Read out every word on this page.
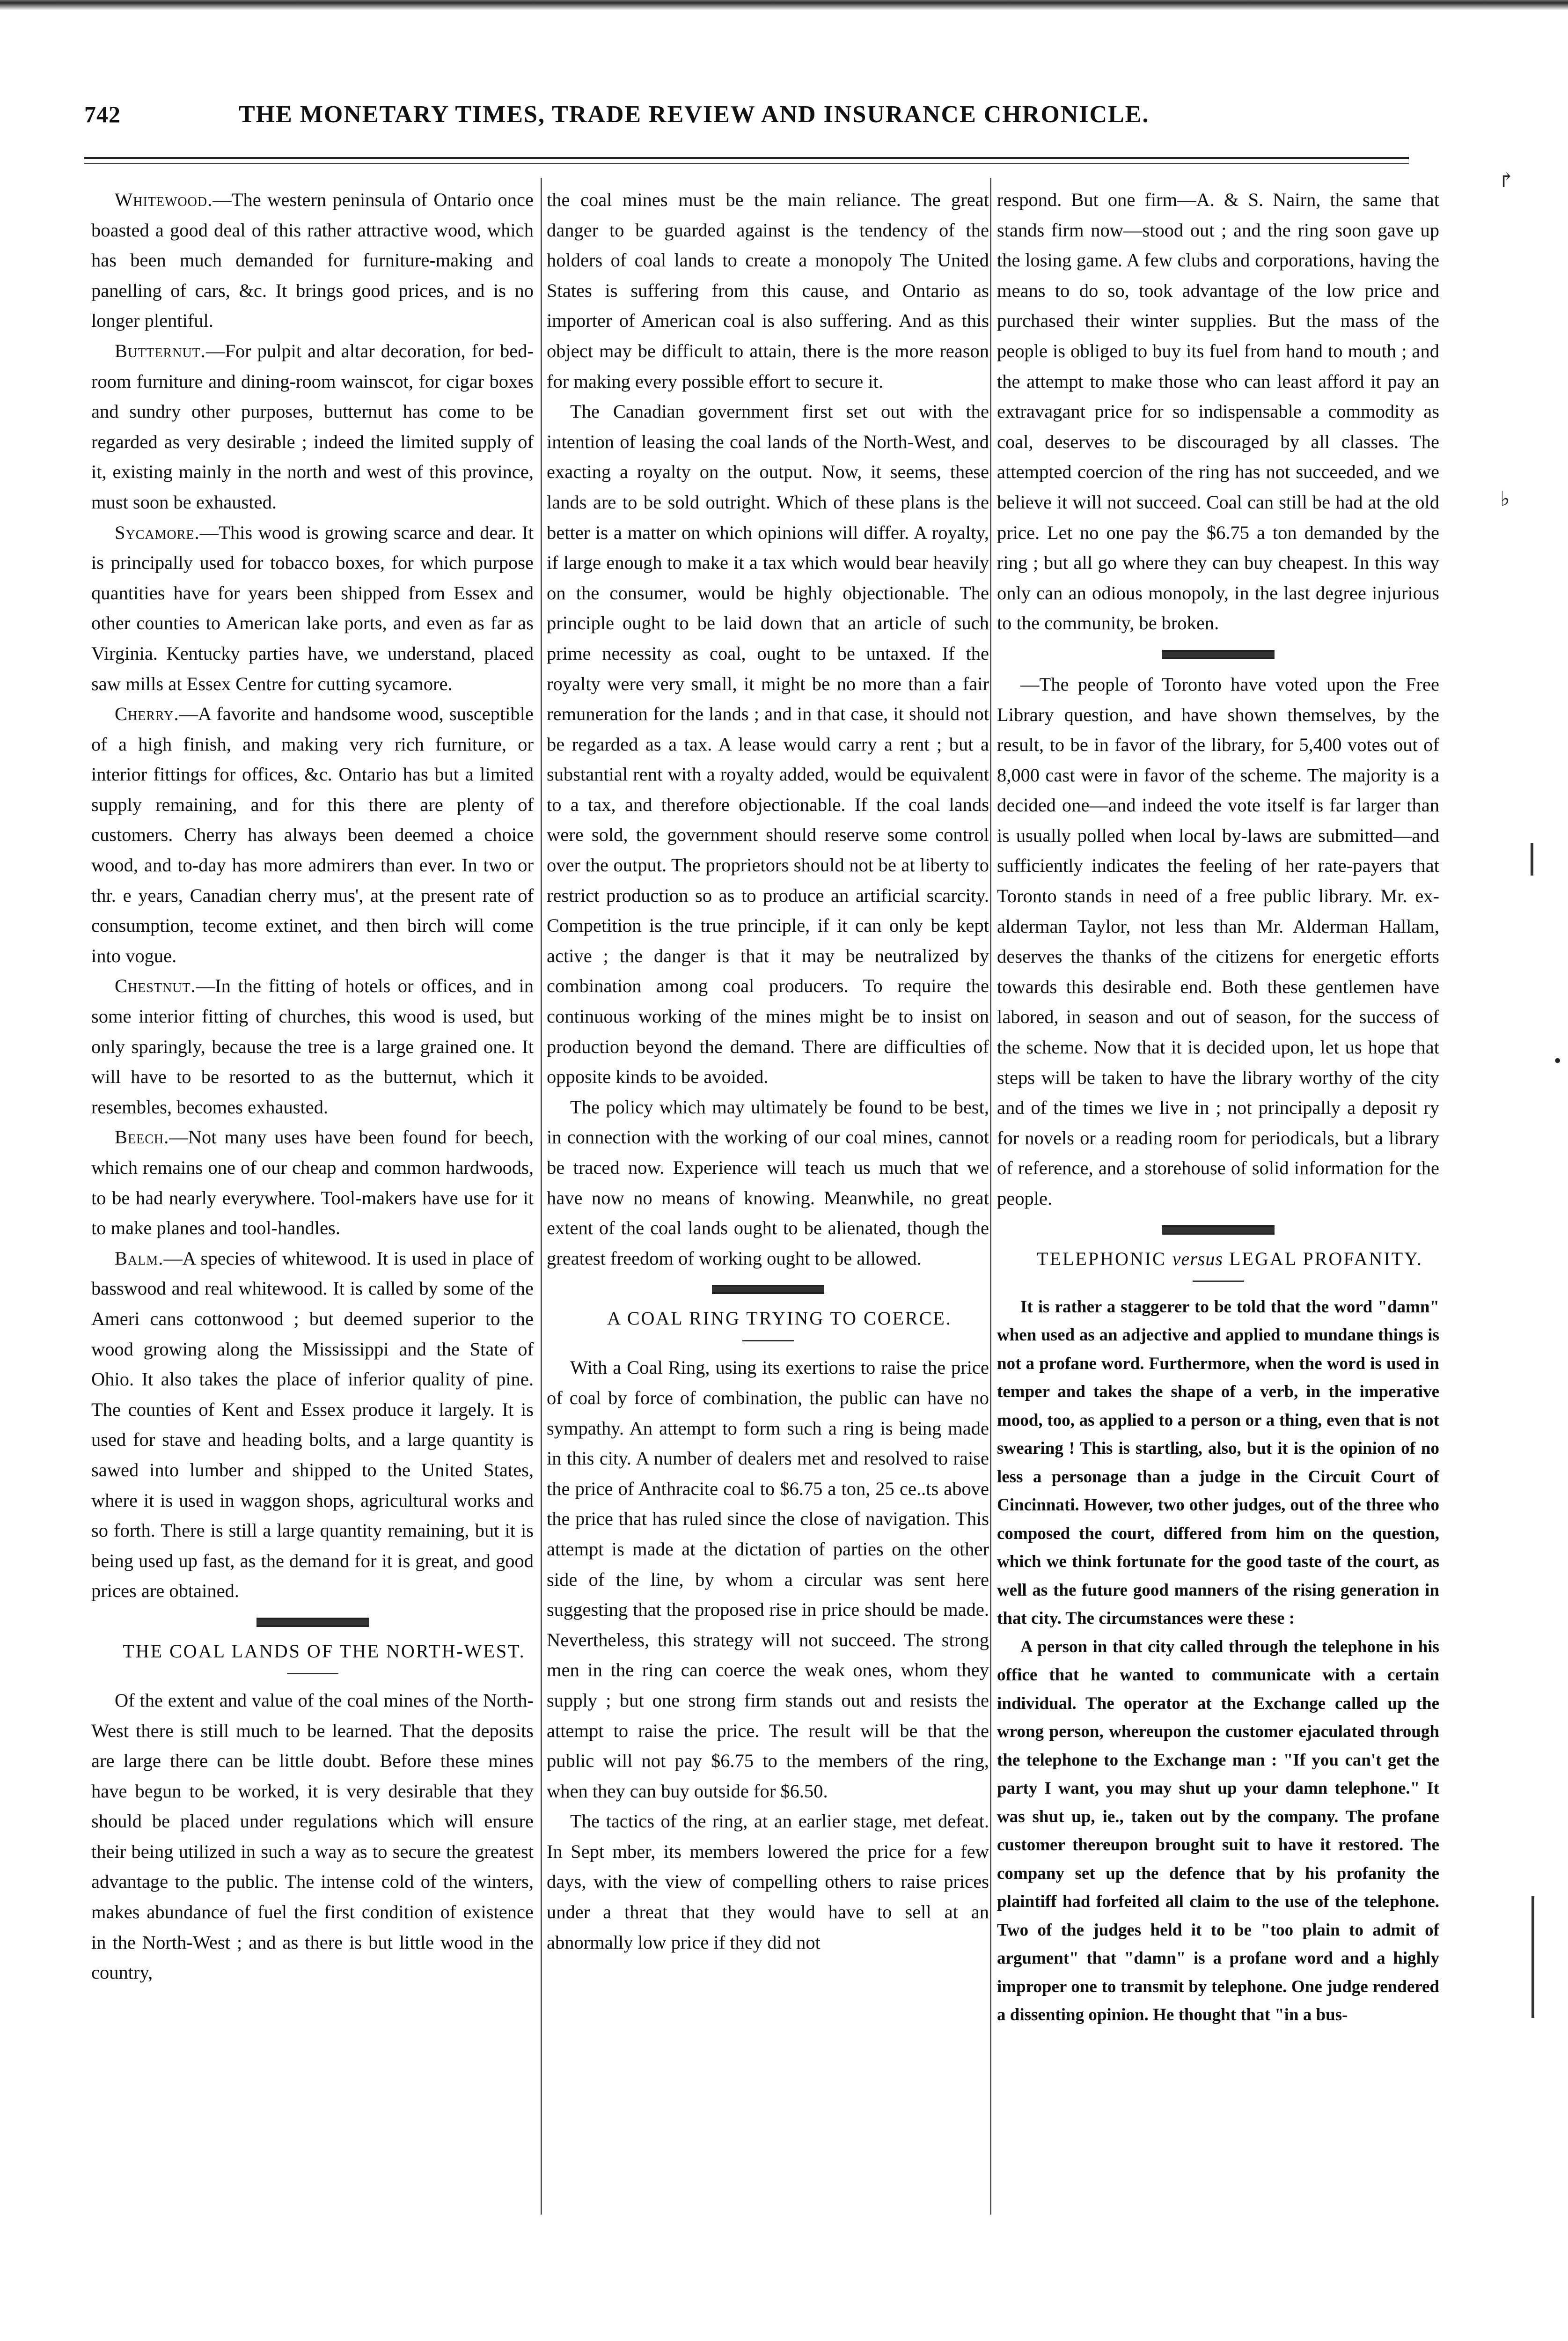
742	THE MONETARY TIMES, TRADE REVIEW AND INSURANCE CHRONICLE.

Whitewood.—The western peninsula of Ontario once boasted a good deal of this rather attractive wood, which has been much demanded for furniture-making and panelling of cars, &c. It brings good prices, and is no longer plentiful.

Butternut.—For pulpit and altar decoration, for bed-room furniture and dining-room wainscot, for cigar boxes and sundry other purposes, butternut has come to be regarded as very desirable ; indeed the limited supply of it, existing mainly in the north and west of this province, must soon be exhausted.

Sycamore.—This wood is growing scarce and dear. It is principally used for tobacco boxes, for which purpose quantities have for years been shipped from Essex and other counties to American lake ports, and even as far as Virginia. Kentucky parties have, we understand, placed saw mills at Essex Centre for cutting sycamore.

Cherry.—A favorite and handsome wood, susceptible of a high finish, and making very rich furniture, or interior fittings for offices, &c. Ontario has but a limited supply remaining, and for this there are plenty of customers. Cherry has always been deemed a choice wood, and to-day has more admirers than ever. In two or thr. e years, Canadian cherry mus', at the present rate of consumption, tecome extinet, and then birch will come into vogue.

Chestnut.—In the fitting of hotels or offices, and in some interior fitting of churches, this wood is used, but only sparingly, because the tree is a large grained one. It will have to be resorted to as the butternut, which it resembles, becomes exhausted.

Beech.—Not many uses have been found for beech, which remains one of our cheap and common hardwoods, to be had nearly everywhere. Tool-makers have use for it to make planes and tool-handles.

Balm.—A species of whitewood. It is used in place of basswood and real whitewood. It is called by some of the Ameri cans cottonwood ; but deemed superior to the wood growing along the Mississippi and the State of Ohio. It also takes the place of inferior quality of pine. The counties of Kent and Essex produce it largely. It is used for stave and heading bolts, and a large quantity is sawed into lumber and shipped to the United States, where it is used in waggon shops, agricultural works and so forth. There is still a large quantity remaining, but it is being used up fast, as the demand for it is great, and good prices are obtained.

THE COAL LANDS OF THE NORTH-WEST.

Of the extent and value of the coal mines of the North-West there is still much to be learned. That the deposits are large there can be little doubt. Before these mines have begun to be worked, it is very desirable that they should be placed under regulations which will ensure their being utilized in such a way as to secure the greatest advantage to the public. The intense cold of the winters, makes abundance of fuel the first condition of existence in the North-West ; and as there is but little wood in the country,

the coal mines must be the main reliance. The great danger to be guarded against is the tendency of the holders of coal lands to create a monopoly The United States is suffering from this cause, and Ontario as importer of American coal is also suffering. And as this object may be difficult to attain, there is the more reason for making every possible effort to secure it.

The Canadian government first set out with the intention of leasing the coal lands of the North-West, and exacting a royalty on the output. Now, it seems, these lands are to be sold outright. Which of these plans is the better is a matter on which opinions will differ. A royalty, if large enough to make it a tax which would bear heavily on the consumer, would be highly objectionable. The principle ought to be laid down that an article of such prime necessity as coal, ought to be untaxed. If the royalty were very small, it might be no more than a fair remuneration for the lands ; and in that case, it should not be regarded as a tax. A lease would carry a rent ; but a substantial rent with a royalty added, would be equivalent to a tax, and therefore objectionable. If the coal lands were sold, the government should reserve some control over the output. The proprietors should not be at liberty to restrict production so as to produce an artificial scarcity. Competition is the true principle, if it can only be kept active ; the danger is that it may be neutralized by combination among coal producers. To require the continuous working of the mines might be to insist on production beyond the demand. There are difficulties of opposite kinds to be avoided.

The policy which may ultimately be found to be best, in connection with the working of our coal mines, cannot be traced now. Experience will teach us much that we have now no means of knowing. Meanwhile, no great extent of the coal lands ought to be alienated, though the greatest freedom of working ought to be allowed.

A COAL RING TRYING TO COERCE.

With a Coal Ring, using its exertions to raise the price of coal by force of combination, the public can have no sympathy. An attempt to form such a ring is being made in this city. A number of dealers met and resolved to raise the price of Anthracite coal to $6.75 a ton, 25 ce..ts above the price that has ruled since the close of navigation. This attempt is made at the dictation of parties on the other side of the line, by whom a circular was sent here suggesting that the proposed rise in price should be made. Nevertheless, this strategy will not succeed. The strong men in the ring can coerce the weak ones, whom they supply ; but one strong firm stands out and resists the attempt to raise the price. The result will be that the public will not pay $6.75 to the members of the ring, when they can buy outside for $6.50.

The tactics of the ring, at an earlier stage, met defeat. In Sept mber, its members lowered the price for a few days, with the view of compelling others to raise prices under a threat that they would have to sell at an abnormally low price if they did not

respond. But one firm—A. & S. Nairn, the same that stands firm now—stood out ; and the ring soon gave up the losing game. A few clubs and corporations, having the means to do so, took advantage of the low price and purchased their winter supplies. But the mass of the people is obliged to buy its fuel from hand to mouth ; and the attempt to make those who can least afford it pay an extravagant price for so indispensable a commodity as coal, deserves to be discouraged by all classes. The attempted coercion of the ring has not succeeded, and we believe it will not succeed. Coal can still be had at the old price. Let no one pay the $6.75 a ton demanded by the ring ; but all go where they can buy cheapest. In this way only can an odious monopoly, in the last degree injurious to the community, be broken.

—The people of Toronto have voted upon the Free Library question, and have shown themselves, by the result, to be in favor of the library, for 5,400 votes out of 8,000 cast were in favor of the scheme. The majority is a decided one—and indeed the vote itself is far larger than is usually polled when local by-laws are submitted—and sufficiently indicates the feeling of her rate-payers that Toronto stands in need of a free public library. Mr. ex-alderman Taylor, not less than Mr. Alderman Hallam, deserves the thanks of the citizens for energetic efforts towards this desirable end. Both these gentlemen have labored, in season and out of season, for the success of the scheme. Now that it is decided upon, let us hope that steps will be taken to have the library worthy of the city and of the times we live in ; not principally a deposit ry for novels or a reading room for periodicals, but a library of reference, and a storehouse of solid information for the people.

TELEPHONIC versus LEGAL PROFANITY.

It is rather a staggerer to be told that the word "damn" when used as an adjective and applied to mundane things is not a profane word. Furthermore, when the word is used in temper and takes the shape of a verb, in the imperative mood, too, as applied to a person or a thing, even that is not swearing ! This is startling, also, but it is the opinion of no less a personage than a judge in the Circuit Court of Cincinnati. However, two other judges, out of the three who composed the court, differed from him on the question, which we think fortunate for the good taste of the court, as well as the future good manners of the rising generation in that city. The circumstances were these :

A person in that city called through the telephone in his office that he wanted to communicate with a certain individual. The operator at the Exchange called up the wrong person, whereupon the customer ejaculated through the telephone to the Exchange man : "If you can't get the party I want, you may shut up your damn telephone." It was shut up, ie., taken out by the company. The profane customer thereupon brought suit to have it restored. The company set up the defence that by his profanity the plaintiff had forfeited all claim to the use of the telephone. Two of the judges held it to be "too plain to admit of argument" that "damn" is a profane word and a highly improper one to transmit by telephone. One judge rendered a dissenting opinion. He thought that "in a bus-

↱
♭
•
